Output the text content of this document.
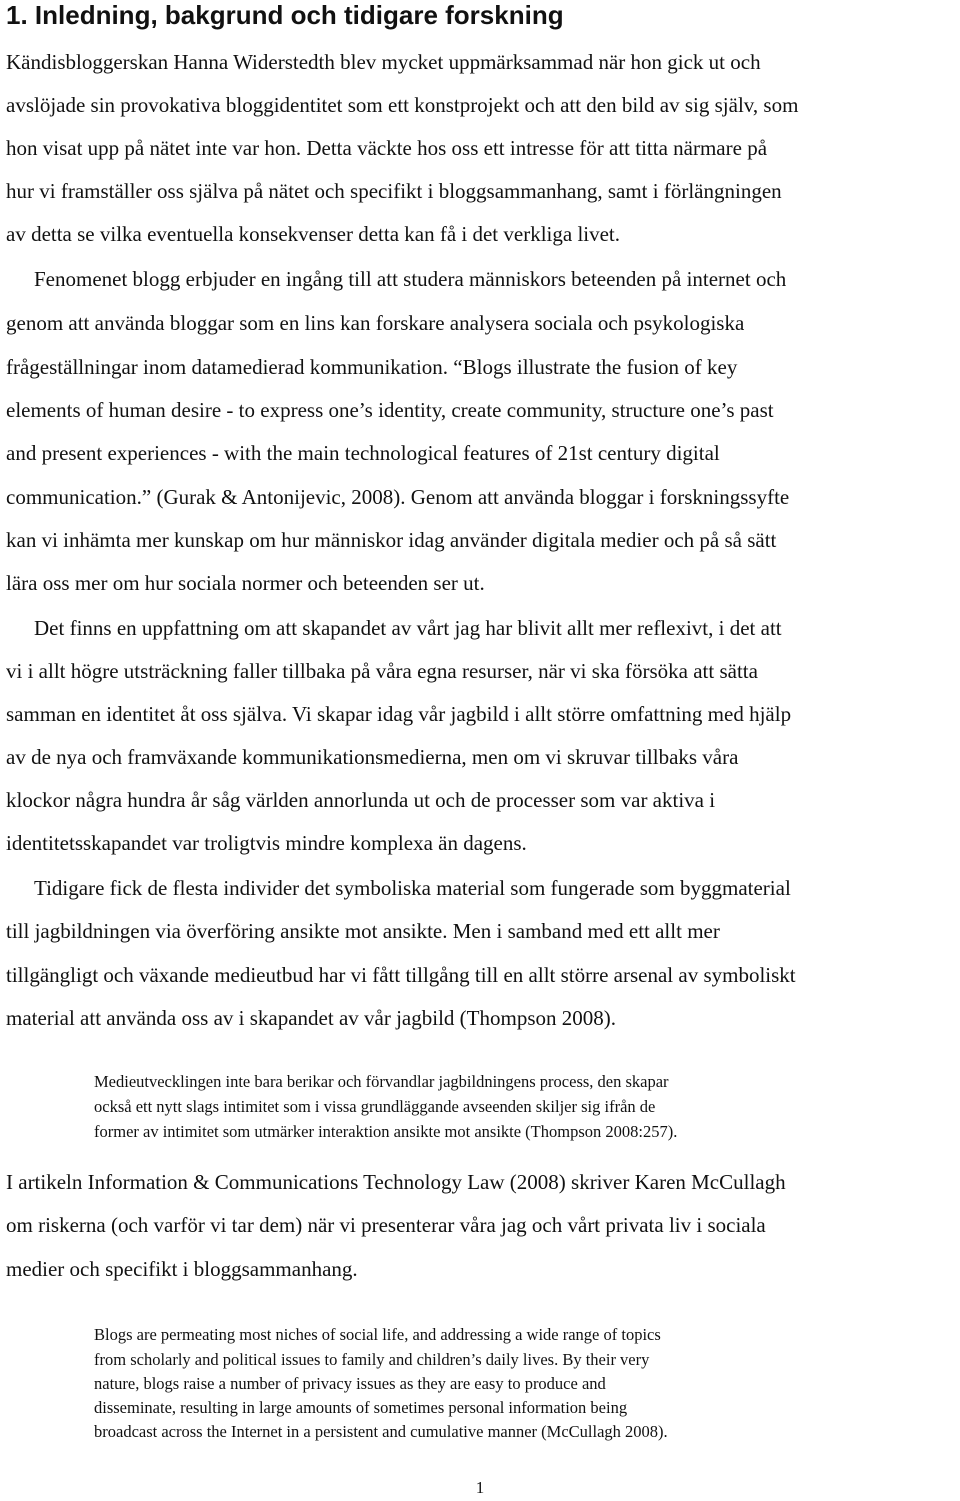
1. Inledning, bakgrund och tidigare forskning
Kändisbloggerskan Hanna Widerstedth blev mycket uppmärksammad när hon gick ut och
avslöjade sin provokativa bloggidentitet som ett konstprojekt och att den bild av sig själv, som
hon visat upp på nätet inte var hon. Detta väckte hos oss ett intresse för att titta närmare på
hur vi framställer oss själva på nätet och specifikt i bloggsammanhang, samt i förlängningen
av detta se vilka eventuella konsekvenser detta kan få i det verkliga livet.
Fenomenet blogg erbjuder en ingång till att studera människors beteenden på internet och
genom att använda bloggar som en lins kan forskare analysera sociala och psykologiska
frågeställningar inom datamedierad kommunikation. “Blogs illustrate the fusion of key
elements of human desire - to express one’s identity, create community, structure one’s past
and present experiences - with the main technological features of 21st century digital
communication.” (Gurak & Antonijevic, 2008). Genom att använda bloggar i forskningssyfte
kan vi inhämta mer kunskap om hur människor idag använder digitala medier och på så sätt
lära oss mer om hur sociala normer och beteenden ser ut.
Det finns en uppfattning om att skapandet av vårt jag har blivit allt mer reflexivt, i det att
vi i allt högre utsträckning faller tillbaka på våra egna resurser, när vi ska försöka att sätta
samman en identitet åt oss själva. Vi skapar idag vår jagbild i allt större omfattning med hjälp
av de nya och framväxande kommunikationsmedierna, men om vi skruvar tillbaks våra
klockor några hundra år såg världen annorlunda ut och de processer som var aktiva i
identitetsskapandet var troligtvis mindre komplexa än dagens.
Tidigare fick de flesta individer det symboliska material som fungerade som byggmaterial
till jagbildningen via överföring ansikte mot ansikte. Men i samband med ett allt mer
tillgängligt och växande medieutbud har vi fått tillgång till en allt större arsenal av symboliskt
material att använda oss av i skapandet av vår jagbild (Thompson 2008).
Medieutvecklingen inte bara berikar och förvandlar jagbildningens process, den skapar
också ett nytt slags intimitet som i vissa grundläggande avseenden skiljer sig ifrån de
former av intimitet som utmärker interaktion ansikte mot ansikte (Thompson 2008:257).
I artikeln Information & Communications Technology Law (2008) skriver Karen McCullagh
om riskerna (och varför vi tar dem) när vi presenterar våra jag och vårt privata liv i sociala
medier och specifikt i bloggsammanhang.
Blogs are permeating most niches of social life, and addressing a wide range of topics
from scholarly and political issues to family and children’s daily lives. By their very
nature, blogs raise a number of privacy issues as they are easy to produce and
disseminate, resulting in large amounts of sometimes personal information being
broadcast across the Internet in a persistent and cumulative manner (McCullagh 2008).
1
